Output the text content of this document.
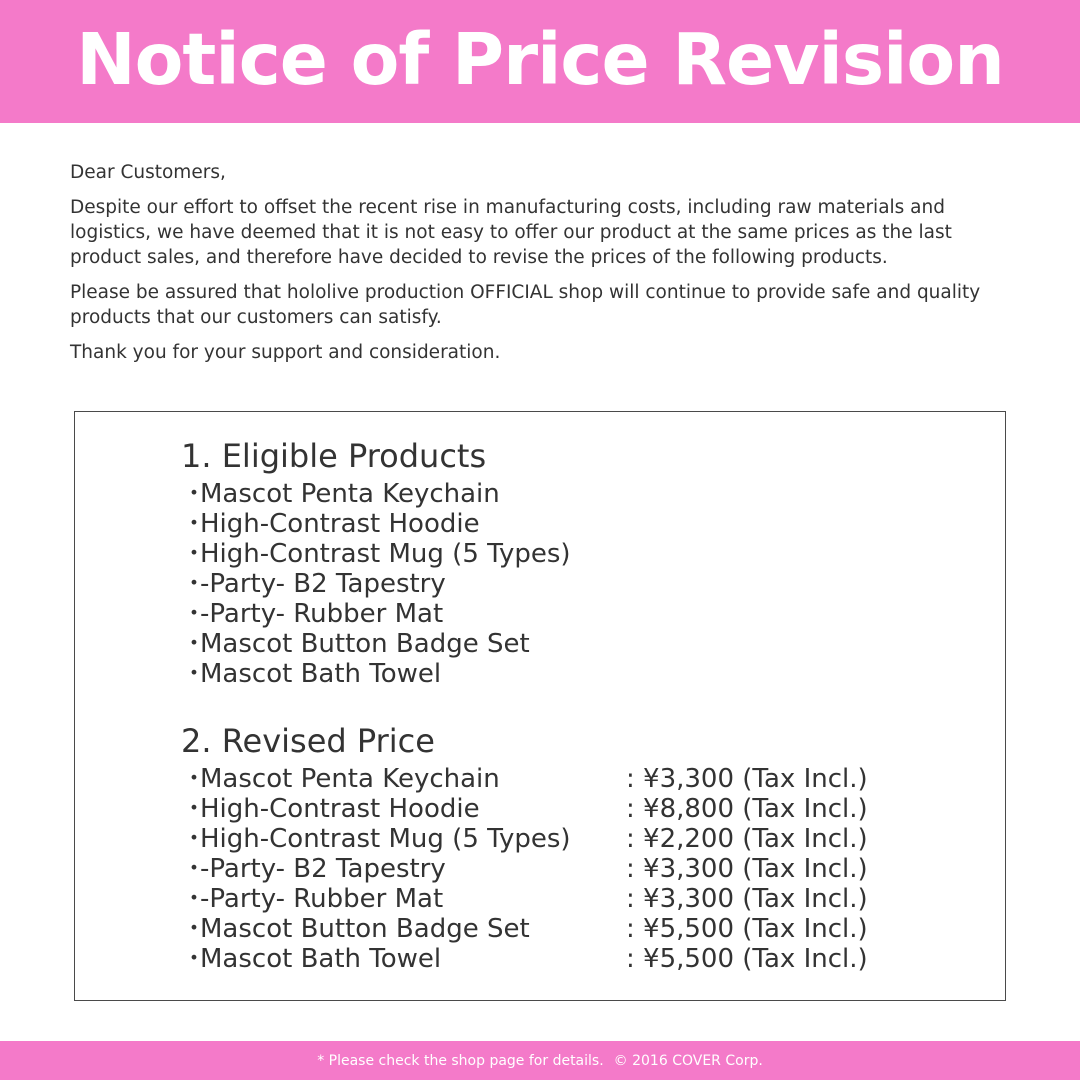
Notice of Price Revision

Dear Customers,

Despite our effort to offset the recent rise in manufacturing costs, including raw materials and logistics, we have deemed that it is not easy to offer our product at the same prices as the last product sales, and therefore have decided to revise the prices of the following products.

Please be assured that hololive production OFFICIAL shop will continue to provide safe and quality products that our customers can satisfy.

Thank you for your support and consideration.

1. Eligible Products
・
Mascot Penta Keychain
・
High-Contrast Hoodie
・
High-Contrast Mug (5 Types)
・
-Party- B2 Tapestry
・
-Party- Rubber Mat
・
Mascot Button Badge Set
・
Mascot Bath Towel
2. Revised Price
・
Mascot Penta Keychain	: ¥3,300 (Tax Incl.)
・
High-Contrast Hoodie	: ¥8,800 (Tax Incl.)
・
High-Contrast Mug (5 Types)	: ¥2,200 (Tax Incl.)
・
-Party- B2 Tapestry	: ¥3,300 (Tax Incl.)
・
-Party- Rubber Mat	: ¥3,300 (Tax Incl.)
・
Mascot Button Badge Set	: ¥5,500 (Tax Incl.)
・
Mascot Bath Towel	: ¥5,500 (Tax Incl.)
* Please check the shop page for details. © 2016 COVER Corp.
